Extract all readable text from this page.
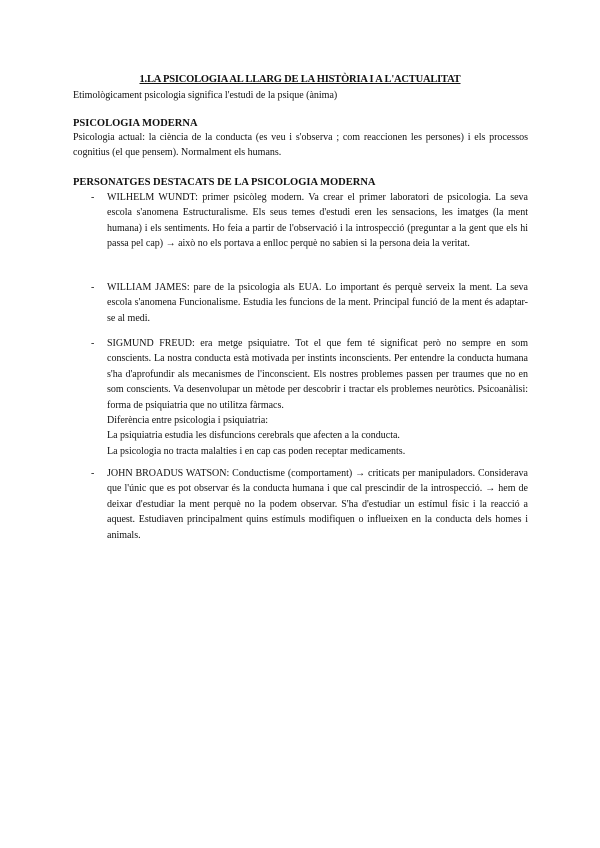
1.LA PSICOLOGIA AL LLARG DE LA HISTÒRIA I A L'ACTUALITAT
Etimològicament psicologia significa l'estudi de la psique (ànima)
PSICOLOGIA MODERNA
Psicologia actual: la ciència de la conducta (es veu i s'observa ; com reaccionen les persones) i els processos cognitius (el que pensem). Normalment els humans.
PERSONATGES DESTACATS DE LA PSICOLOGIA MODERNA
- WILHELM WUNDT: primer psicòleg modern. Va crear el primer laboratori de psicologia. La seva escola s'anomena Estructuralisme. Els seus temes d'estudi eren les sensacions, les imatges (la ment humana) i els sentiments. Ho feia a partir de l'observació i la introspecció (preguntar a la gent que els hi passa pel cap) → això no els portava a enlloc perquè no sabien si la persona deia la veritat.
- WILLIAM JAMES: pare de la psicologia als EUA. Lo important és perquè serveix la ment. La seva escola s'anomena Funcionalisme. Estudia les funcions de la ment. Principal funció de la ment és adaptar-se al medi.
- SIGMUND FREUD: era metge psiquiatre. Tot el que fem té significat però no sempre en som conscients. La nostra conducta està motivada per instints inconscients. Per entendre la conducta humana s'ha d'aprofundir als mecanismes de l'inconscient. Els nostres problemes passen per traumes que no en som conscients. Va desenvolupar un mètode per descobrir i tractar els problemes neuròtics. Psicoanàlisi: forma de psiquiatria que no utilitza fàrmacs.
Diferència entre psicologia i psiquiatria:
La psiquiatria estudia les disfuncions cerebrals que afecten a la conducta.
La psicologia no tracta malalties i en cap cas poden receptar medicaments.
- JOHN BROADUS WATSON: Conductisme (comportament) → criticats per manipuladors. Considerava que l'únic que es pot observar és la conducta humana i que cal prescindir de la introspecció. → hem de deixar d'estudiar la ment perquè no la podem observar. S'ha d'estudiar un estímul físic i la reacció a aquest. Estudiaven principalment quins estímuls modifiquen o influeixen en la conducta dels homes i animals.
